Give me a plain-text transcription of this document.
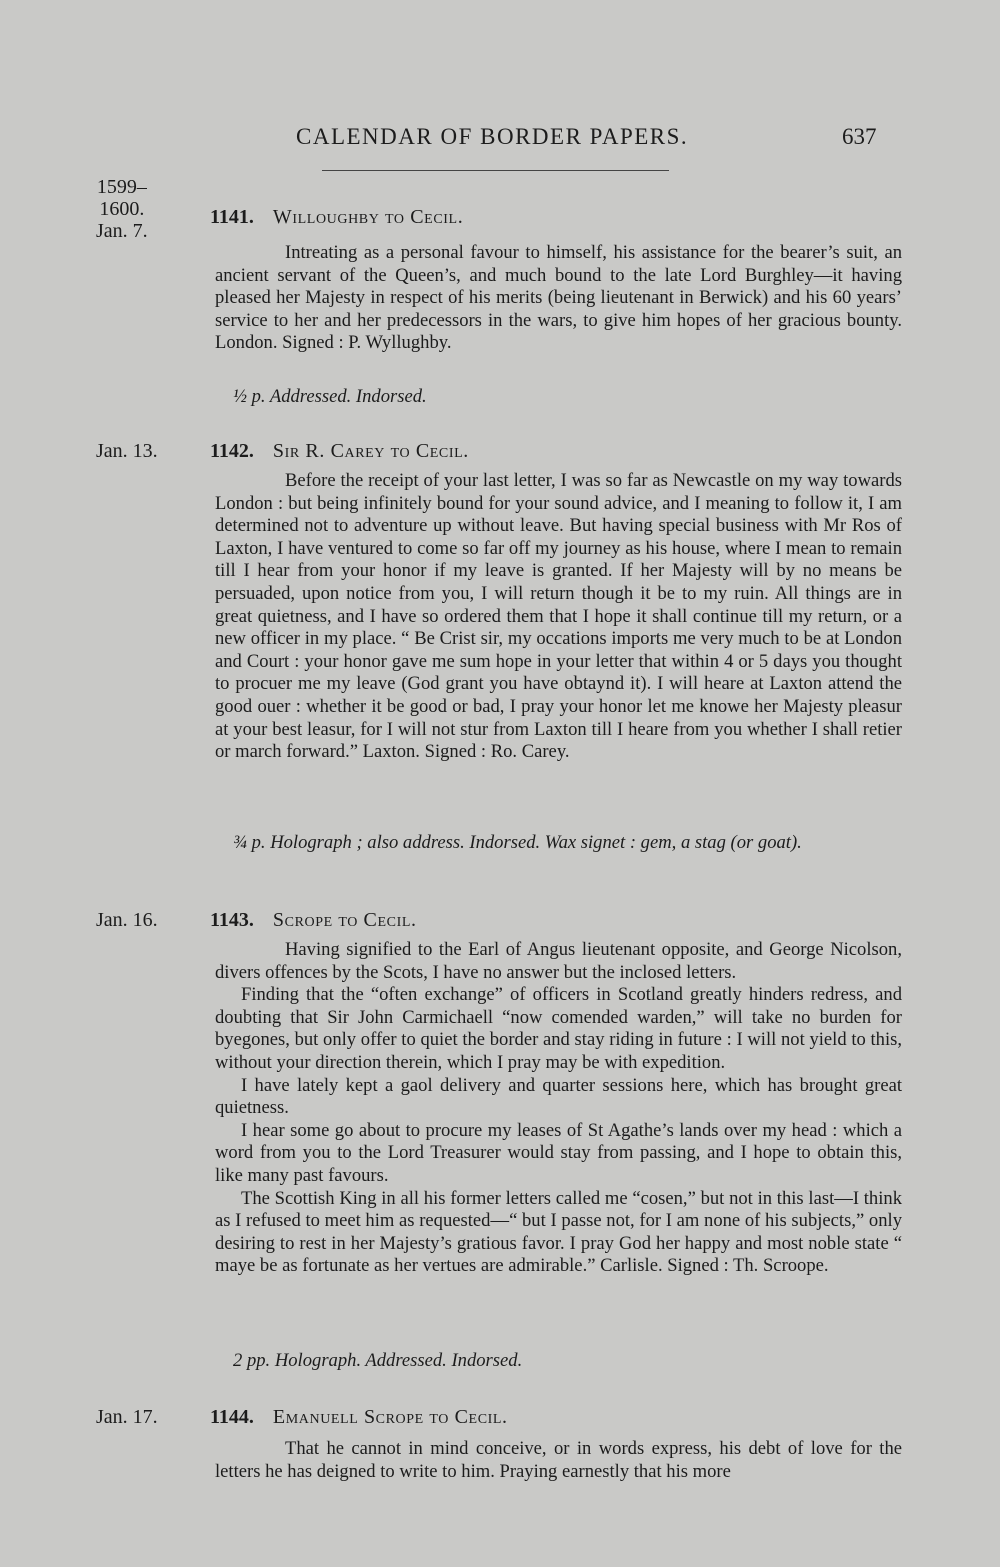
CALENDAR OF BORDER PAPERS.	637
1599–
1600.
Jan. 7.
1141. Willoughby to Cecil.

Intreating as a personal favour to himself, his assistance for the bearer’s suit, an ancient servant of the Queen’s, and much bound to the late Lord Burghley—it having pleased her Majesty in respect of his merits (being lieutenant in Berwick) and his 60 years’ service to her and her predecessors in the wars, to give him hopes of her gracious bounty. London. Signed : P. Wyllughby.

½ p. Addressed. Indorsed.
Jan. 13.	1142. Sir R. Carey to Cecil.

Before the receipt of your last letter, I was so far as Newcastle on my way towards London : but being infinitely bound for your sound advice, and I meaning to follow it, I am determined not to adventure up without leave. But having special business with Mr Ros of Laxton, I have ventured to come so far off my journey as his house, where I mean to remain till I hear from your honor if my leave is granted. If her Majesty will by no means be persuaded, upon notice from you, I will return though it be to my ruin. All things are in great quietness, and I have so ordered them that I hope it shall continue till my return, or a new officer in my place. “ Be Crist sir, my occations imports me very much to be at London and Court : your honor gave me sum hope in your letter that within 4 or 5 days you thought to procuer me my leave (God grant you have obtaynd it). I will heare at Laxton attend the good ouer : whether it be good or bad, I pray your honor let me knowe her Majesty pleasur at your best leasur, for I will not stur from Laxton till I heare from you whether I shall retier or march forward.” Laxton. Signed : Ro. Carey.

¾ p. Holograph ; also address. Indorsed. Wax signet : gem, a stag (or goat).
Jan. 16.	1143. Scrope to Cecil.

Having signified to the Earl of Angus lieutenant opposite, and George Nicolson, divers offences by the Scots, I have no answer but the inclosed letters.

Finding that the “often exchange” of officers in Scotland greatly hinders redress, and doubting that Sir John Carmichaell “now comended warden,” will take no burden for byegones, but only offer to quiet the border and stay riding in future : I will not yield to this, without your direction therein, which I pray may be with expedition.

I have lately kept a gaol delivery and quarter sessions here, which has brought great quietness.

I hear some go about to procure my leases of St Agathe’s lands over my head : which a word from you to the Lord Treasurer would stay from passing, and I hope to obtain this, like many past favours.

The Scottish King in all his former letters called me “cosen,” but not in this last—I think as I refused to meet him as requested—“ but I passe not, for I am none of his subjects,” only desiring to rest in her Majesty’s gratious favor. I pray God her happy and most noble state “ maye be as fortunate as her vertues are admirable.” Carlisle. Signed : Th. Scroope.

2 pp. Holograph. Addressed. Indorsed.
Jan. 17.	1144. Emanuell Scrope to Cecil.

That he cannot in mind conceive, or in words express, his debt of love for the letters he has deigned to write to him. Praying earnestly that his more
